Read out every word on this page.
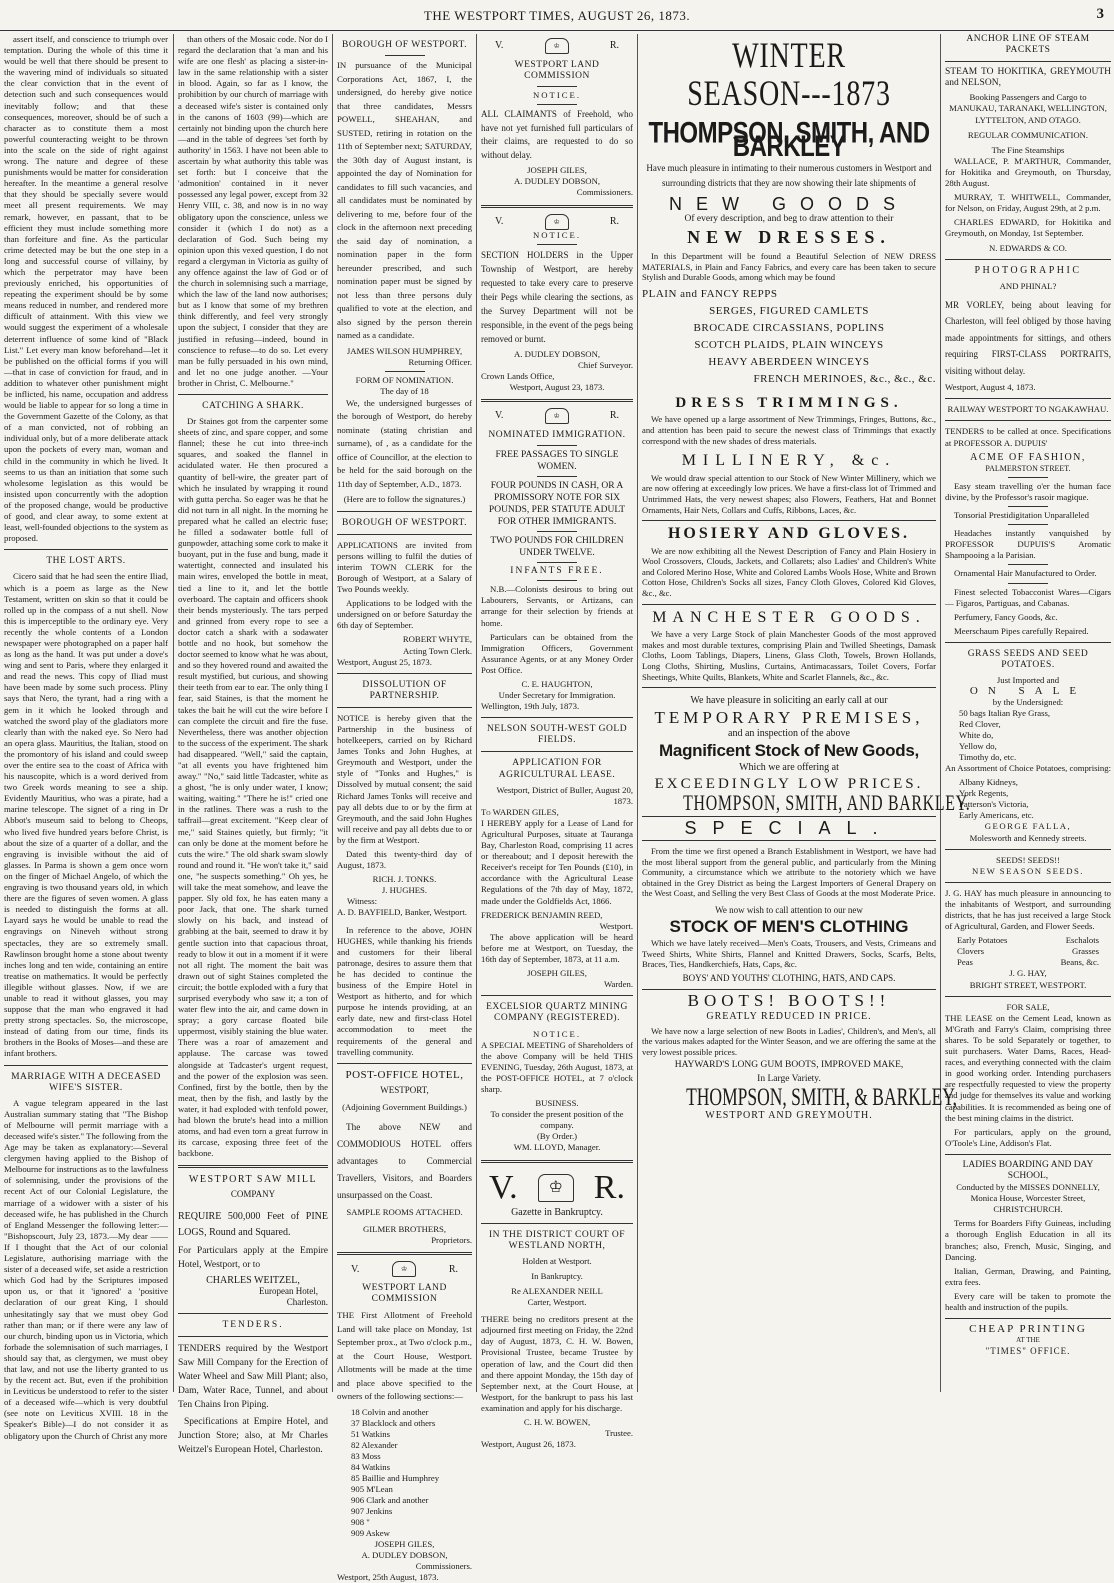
THE WESTPORT TIMES, AUGUST 26, 1873.	3

assert itself, and conscience to triumph over temptation. During the whole of this time it would be well that there should be present to the wavering mind of individuals so situated the clear conviction that in the event of detection such and such consequences would inevitably follow; and that these consequences, moreover, should be of such a character as to constitute them a most powerful counteracting weight to be thrown into the scale on the side of right against wrong. The nature and degree of these punishments would be matter for consideration hereafter. In the meantime a general resolve that they should be specially severe would meet all present requirements. We may remark, however, en passant, that to be efficient they must include something more than forfeiture and fine. As the particular crime detected may be but the one step in a long and successful course of villainy, by which the perpetrator may have been previously enriched, his opportunities of repeating the experiment should be by some means reduced in number, and rendered more difficult of attainment. With this view we would suggest the experiment of a wholesale deterrent influence of some kind of "Black List." Let every man know beforehand—let it be published on the official forms if you will—that in case of conviction for fraud, and in addition to whatever other punishment might be inflicted, his name, occupation and address would be liable to appear for so long a time in the Government Gazette of the Colony, as that of a man convicted, not of robbing an individual only, but of a more deliberate attack upon the pockets of every man, woman and child in the community in which he lived. It seems to us than an initiation that some such wholesome legislation as this would be insisted upon concurrently with the adoption of the proposed change, would be productive of good, and clear away, to some extent at least, well-founded objections to the system as proposed.

THE LOST ARTS.

Cicero said that he had seen the entire Iliad, which is a poem as large as the New Testament, written on skin so that it could be rolled up in the compass of a nut shell. Now this is imperceptible to the ordinary eye. Very recently the whole contents of a London newspaper were photographed on a paper half as long as the hand. It was put under a dove's wing and sent to Paris, where they enlarged it and read the news. This copy of Iliad must have been made by some such process. Pliny says that Nero, the tyrant, had a ring with a gem in it which he looked through and watched the sword play of the gladiators more clearly than with the naked eye. So Nero had an opera glass. Mauritius, the Italian, stood on the promontory of his island and could sweep over the entire sea to the coast of Africa with his nauscopite, which is a word derived from two Greek words meaning to see a ship. Evidently Mauritius, who was a pirate, had a marine telescope. The signet of a ring in Dr Abbot's museum said to belong to Cheops, who lived five hundred years before Christ, is about the size of a quarter of a dollar, and the engraving is invisible without the aid of glasses. In Parma is shown a gem once worn on the finger of Michael Angelo, of which the engraving is two thousand years old, in which there are the figures of seven women. A glass is needed to distinguish the forms at all. Layard says he would be unable to read the engravings on Nineveh without strong spectacles, they are so extremely small. Rawlinson brought home a stone about twenty inches long and ten wide, containing an entire treatise on mathematics. It would be perfectly illegible without glasses. Now, if we are unable to read it without glasses, you may suppose that the man who engraved it had pretty strong spectacles. So, the microscope, instead of dating from our time, finds its brothers in the Books of Moses—and these are infant brothers.

MARRIAGE WITH A DECEASED WIFE'S SISTER.

A vague telegram appeared in the last Australian summary stating that "The Bishop of Melbourne will permit marriage with a deceased wife's sister." The following from the Age may be taken as explanatory:—Several clergymen having applied to the Bishop of Melbourne for instructions as to the lawfulness of solemnising, under the provisions of the recent Act of our Colonial Legislature, the marriage of a widower with a sister of his deceased wife, he has published in the Church of England Messenger the following letter:— "Bishopscourt, July 23, 1873.—My dear ——If I thought that the Act of our colonial Legislature, authorising marriage with the sister of a deceased wife, set aside a restriction which God had by the Scriptures imposed upon us, or that it 'ignored' a 'positive declaration of our great King, I should unhesitatingly say that we must obey God rather than man; or if there were any law of our church, binding upon us in Victoria, which forbade the solemnisation of such marriages, I should say that, as clergymen, we must obey that law, and not use the liberty granted to us by the recent act. But, even if the prohibition in Leviticus be understood to refer to the sister of a deceased wife—which is very doubtful (see note on Leviticus XVIII. 18 in the Speaker's Bible)—I do not consider it as obligatory upon the Church of Christ any more

than others of the Mosaic code. Nor do I regard the declaration that 'a man and his wife are one flesh' as placing a sister-in-law in the same relationship with a sister in blood. Again, so far as I know, the prohibition by our church of marriage with a deceased wife's sister is contained only in the canons of 1603 (99)—which are certainly not binding upon the church here—and in the table of degrees 'set forth by authority' in 1563. I have not been able to ascertain by what authority this table was set forth: but I conceive that the 'admonition' contained in it never possessed any legal power, except from 32 Henry VIII, c. 38, and now is in no way obligatory upon the conscience, unless we consider it (which I do not) as a declaration of God. Such being my opinion upon this vexed question, I do not regard a clergyman in Victoria as guilty of any offence against the law of God or of the church in solemnising such a marriage, which the law of the land now authorises; but as I know that some of my brethren think differently, and feel very strongly upon the subject, I consider that they are justified in refusing—indeed, bound in conscience to refuse—to do so. Let every man be fully persuaded in his own mind, and let no one judge another. —Your brother in Christ, C. Melbourne."

CATCHING A SHARK.

Dr Staines got from the carpenter some sheets of zinc, and spare copper, and some flannel; these he cut into three-inch squares, and soaked the flannel in acidulated water. He then procured a quantity of bell-wire, the greater part of which he insulated by wrapping it round with gutta percha. So eager was he that he did not turn in all night. In the morning he prepared what he called an electric fuse; he filled a sodawater bottle full of gunpowder, attaching some cork to make it buoyant, put in the fuse and bung, made it watertight, connected and insulated his main wires, enveloped the bottle in meat, tied a line to it, and let the bottle overboard. The captain and officers shook their bends mysteriously. The tars perped and grinned from every rope to see a doctor catch a shark with a sodawater bottle and no hook, but somehow the doctor seemed to know what he was about, and so they hovered round and awaited the result mystified, but curious, and showing their teeth from ear to ear. The only thing I fear, said Staines, is that the moment he takes the bait he will cut the wire before I can complete the circuit and fire the fuse. Nevertheless, there was another objection to the success of the experiment. The shark had disappeared. "Well," said the captain, "at all events you have frightened him away." "No," said little Tadcaster, white as a ghost, "he is only under water, I know; waiting, waiting." "There he is!" cried one in the ratlines. There was a rush to the taffrail—great excitement. "Keep clear of me," said Staines quietly, but firmly; "it can only be done at the moment before he cuts the wire." The old shark swam slowly round and round it. "He won't take it," said one, "he suspects something." Oh yes, he will take the meat somehow, and leave the papper. Sly old fox, he has eaten many a poor Jack, that one. The shark turned slowly on his back, and instead of grabbing at the bait, seemed to draw it by gentle suction into that capacious throat, ready to blow it out in a moment if it were not all right. The moment the bait was drawn out of sight Staines completed the circuit; the bottle exploded with a fury that surprised everybody who saw it; a ton of water flew into the air, and came down in spray; a gory carcase floated bile uppermost, visibly staining the blue water. There was a roar of amazement and applause. The carcase was towed alongside at Tadcaster's urgent request, and the power of the explosion was seen. Confined, first by the bottle, then by the meat, then by the fish, and lastly by the water, it had exploded with tenfold power, had blown the brute's head into a million atoms, and had even torn a great furrow in its carcase, exposing three feet of the backbone.

WESTPORT SAW MILL
COMPANY

REQUIRE 500,000 Feet of PINE LOGS, Round and Squared.

For Particulars apply at the Empire Hotel, Westport, or to

CHARLES WEITZEL,
European Hotel,
Charleston.
TENDERS.

TENDERS required by the Westport Saw Mill Company for the Erection of Water Wheel and Saw Mill Plant; also, Dam, Water Race, Tunnel, and about Ten Chains Iron Piping.

Specifications at Empire Hotel, and Junction Store; also, at Mr Charles Weitzel's European Hotel, Charleston.

BOROUGH OF WESTPORT.

IN pursuance of the Municipal Corporations Act, 1867, I, the undersigned, do hereby give notice that three candidates, Messrs POWELL, SHEAHAN, and SUSTED, retiring in rotation on the 11th of September next; SATURDAY, the 30th day of August instant, is appointed the day of Nomination for candidates to fill such vacancies, and all candidates must be nominated by delivering to me, before four of the clock in the afternoon next preceding the said day of nomination, a nomination paper in the form hereunder prescribed, and such nomination paper must be signed by not less than three persons duly qualified to vote at the election, and also signed by the person therein named as a candidate.

JAMES WILSON HUMPHREY,
Returning Officer.
FORM OF NOMINATION.
The day of 18

We, the undersigned burgesses of the borough of Westport, do hereby nominate (stating christian and surname), of , as a candidate for the office of Councillor, at the election to be held for the said borough on the 11th day of September, A.D., 1873.

(Here are to follow the signatures.)
BOROUGH OF WESTPORT.

APPLICATIONS are invited from persons willing to fulfil the duties of interim TOWN CLERK for the Borough of Westport, at a Salary of Two Pounds weekly.

Applications to be lodged with the undersigned on or before Saturday the 6th day of September.

ROBERT WHYTE,
Acting Town Clerk.
Westport, August 25, 1873.
DISSOLUTION OF PARTNERSHIP.

NOTICE is hereby given that the Partnership in the business of hotelkeepers, carried on by Richard James Tonks and John Hughes, at Greymouth and Westport, under the style of "Tonks and Hughes," is Dissolved by mutual consent; the said Richard James Tonks will receive and pay all debts due to or by the firm at Greymouth, and the said John Hughes will receive and pay all debts due to or by the firm at Westport.

Dated this twenty-third day of August, 1873.

RICH. J. TONKS.
J. HUGHES.
Witness:
A. D. BAYFIELD, Banker, Westport.

In reference to the above, JOHN HUGHES, while thanking his friends and customers for their liberal patronage, desires to assure them that he has decided to continue the business of the Empire Hotel in Westport as hitherto, and for which purpose he intends providing, at an early date, new and first-class Hotel accommodation to meet the requirements of the general and travelling community.

POST-OFFICE HOTEL,
WESTPORT,
(Adjoining Government Buildings.)

The above NEW and COMMODIOUS HOTEL offers advantages to Commercial Travellers, Visitors, and Boarders unsurpassed on the Coast.

SAMPLE ROOMS ATTACHED.
GILMER BROTHERS,
Proprietors.
V.	♔	R.
WESTPORT LAND COMMISSION

THE First Allotment of Freehold Land will take place on Monday, 1st September prox., at Two o'clock p.m., at the Court House, Westport. Allotments will be made at the time and place above specified to the owners of the following sections:—

18 Colvin and another
37 Blacklock and others
51 Watkins
82 Alexander
83 Moss
84 Watkins
85 Baillie and Humphrey
905 M'Lean
906 Clark and another
907 Jenkins
908 "
909 Askew
JOSEPH GILES,
A. DUDLEY DOBSON,
Commissioners.
Westport, 25th August, 1873.
V.	♔	R.
WESTPORT LAND COMMISSION
NOTICE.

ALL CLAIMANTS of Freehold, who have not yet furnished full particulars of their claims, are requested to do so without delay.

JOSEPH GILES,
A. DUDLEY DOBSON,
Commissioners.
V.	♔	R.
NOTICE.

SECTION HOLDERS in the Upper Township of Westport, are hereby requested to take every care to preserve their Pegs while clearing the sections, as the Survey Department will not be responsible, in the event of the pegs being removed or burnt.

A. DUDLEY DOBSON,
Chief Surveyor.
Crown Lands Office,
Westport, August 23, 1873.
V.	♔	R.
NOMINATED IMMIGRATION.
FREE PASSAGES TO SINGLE WOMEN.
FOUR POUNDS IN CASH, OR A PROMISSORY NOTE FOR SIX POUNDS, PER STATUTE ADULT FOR OTHER IMMIGRANTS.
TWO POUNDS FOR CHILDREN UNDER TWELVE.
INFANTS FREE.

N.B.—Colonists desirous to bring out Labourers, Servants, or Artizans, can arrange for their selection by friends at home.

Particulars can be obtained from the Immigration Officers, Government Assurance Agents, or at any Money Order Post Office.

C. E. HAUGHTON,
Under Secretary for Immigration.
Wellington, 19th July, 1873.
NELSON SOUTH-WEST GOLD FIELDS.
APPLICATION FOR AGRICULTURAL LEASE.
Westport, District of Buller, August 20, 1873.
To WARDEN GILES,

I HEREBY apply for a Lease of Land for Agricultural Purposes, situate at Tauranga Bay, Charleston Road, comprising 11 acres or thereabout; and I deposit herewith the Receiver's receipt for Ten Pounds (£10), in accordance with the Agricultural Lease Regulations of the 7th day of May, 1872, made under the Goldfields Act, 1866.

FREDERICK BENJAMIN REED,
Westport.

The above application will be heard before me at Westport, on Tuesday, the 16th day of September, 1873, at 11 a.m.

JOSEPH GILES,
Warden.
EXCELSIOR QUARTZ MINING COMPANY (REGISTERED).
NOTICE.

A SPECIAL MEETING of Shareholders of the above Company will be held THIS EVENING, Tuesday, 26th August, 1873, at the POST-OFFICE HOTEL, at 7 o'clock sharp.

BUSINESS.
To consider the present position of the company.
(By Order.)
WM. LLOYD, Manager.
V.	♔ R.
Gazette in Bankruptcy.
IN THE DISTRICT COURT OF WESTLAND NORTH,
Holden at Westport.
In Bankruptcy.
Re ALEXANDER NEILL
Carter, Westport.

THERE being no creditors present at the adjourned first meeting on Friday, the 22nd day of August, 1873, C. H. W. Bowen, Provisional Trustee, became Trustee by operation of law, and the Court did then and there appoint Monday, the 15th day of September next, at the Court House, at Westport, for the bankrupt to pass his last examination and apply for his discharge.

C. H. W. BOWEN,
Trustee.
Westport, August 26, 1873.
WINTER SEASON---1873
THOMPSON, SMITH, AND BARKLEY

Have much pleasure in intimating to their numerous customers in Westport and surrounding districts that they are now showing their late shipments of

NEW GOODS
Of every description, and beg to draw attention to their
NEW DRESSES.

In this Department will be found a Beautiful Selection of NEW DRESS MATERIALS, in Plain and Fancy Fabrics, and every care has been taken to secure Stylish and Durable Goods, among which may be found

PLAIN and FANCY REPPS
SERGES, FIGURED CAMLETS
BROCADE CIRCASSIANS, POPLINS
SCOTCH PLAIDS, PLAIN WINCEYS
HEAVY ABERDEEN WINCEYS
FRENCH MERINOES, &c., &c., &c.
DRESS TRIMMINGS.

We have opened up a large assortment of New Trimmings, Fringes, Buttons, &c., and attention has been paid to secure the newest class of Trimmings that exactly correspond with the new shades of dress materials.

MILLINERY, &c.

We would draw special attention to our Stock of New Winter Millinery, which we are now offering at exceedingly low prices. We have a first-class lot of Trimmed and Untrimmed Hats, the very newest shapes; also Flowers, Feathers, Hat and Bonnet Ornaments, Hair Nets, Collars and Cuffs, Ribbons, Laces, &c.

HOSIERY AND GLOVES.

We are now exhibiting all the Newest Description of Fancy and Plain Hosiery in Wool Crossovers, Clouds, Jackets, and Collarets; also Ladies' and Children's White and Colored Merino Hose, White and Colored Lambs Wools Hose, White and Brown Cotton Hose, Children's Socks all sizes, Fancy Cloth Gloves, Colored Kid Gloves, &c., &c.

MANCHESTER GOODS.

We have a very Large Stock of plain Manchester Goods of the most approved makes and most durable textures, comprising Plain and Twilled Sheetings, Damask Cloths, Loom Tablings, Diapers, Linens, Glass Cloth, Towels, Brown Hollands, Long Cloths, Shirting, Muslins, Curtains, Antimacassars, Toilet Covers, Forfar Sheetings, White Quilts, Blankets, White and Scarlet Flannels, &c., &c.

We have pleasure in soliciting an early call at our
TEMPORARY PREMISES,
and an inspection of the above
Magnificent Stock of New Goods,
Which we are offering at
EXCEEDINGLY LOW PRICES.
THOMPSON, SMITH, AND BARKLEY.
SPECIAL.

From the time we first opened a Branch Establishment in Westport, we have had the most liberal support from the general public, and particularly from the Mining Community, a circumstance which we attribute to the notoriety which we have obtained in the Grey District as being the Largest Importers of General Drapery on the West Coast, and Selling the very Best Class of Goods at the most Moderate Price.

We now wish to call attention to our new
STOCK OF MEN'S CLOTHING

Which we have lately received—Men's Coats, Trousers, and Vests, Crimeans and Tweed Shirts, White Shirts, Flannel and Knitted Drawers, Socks, Scarfs, Belts, Braces, Ties, Handkerchiefs, Hats, Caps, &c.

BOYS' AND YOUTHS' CLOTHING, HATS, AND CAPS.
BOOTS! BOOTS!!
GREATLY REDUCED IN PRICE.

We have now a large selection of new Boots in Ladies', Children's, and Men's, all the various makes adapted for the Winter Season, and we are offering the same at the very lowest possible prices.

HAYWARD'S LONG GUM BOOTS, IMPROVED MAKE,
In Large Variety.
THOMPSON, SMITH, & BARKLEY,
WESTPORT AND GREYMOUTH.
ANCHOR LINE OF STEAM PACKETS

STEAM TO HOKITIKA, GREYMOUTH and NELSON,

Booking Passengers and Cargo to MANUKAU, TARANAKI, WELLINGTON, LYTTELTON, AND OTAGO.

REGULAR COMMUNICATION.
The Fine Steamships

WALLACE, P. M'ARTHUR, Commander, for Hokitika and Greymouth, on Thursday, 28th August.

MURRAY, T. WHITWELL, Commander, for Nelson, on Friday, August 29th, at 2 p.m.

CHARLES EDWARD, for Hokitika and Greymouth, on Monday, 1st September.

N. EDWARDS & CO.
PHOTOGRAPHIC
AND PHINAL?

MR VORLEY, being about leaving for Charleston, will feel obliged by those having made appointments for sittings, and others requiring FIRST-CLASS PORTRAITS, visiting without delay.

Westport, August 4, 1873.
RAILWAY WESTPORT TO NGAKAWHAU.

TENDERS to be called at once. Specifications at PROFESSOR A. DUPUIS'

ACME OF FASHION,
PALMERSTON STREET.

Easy steam travelling o'er the human face divine, by the Professor's rasoir magique.

Tonsorial Prestidigitation Unparalleled

Headaches instantly vanquished by PROFESSOR DUPUIS'S Aromatic Shampooing a la Parisian.

Ornamental Hair Manufactured to Order.

Finest selected Tobacconist Wares—Cigars — Figaros, Partiguas, and Cabanas.

Perfumery, Fancy Goods, &c.

Meerschaum Pipes carefully Repaired.

GRASS SEEDS AND SEED POTATOES.
Just Imported and
ON SALE
by the Undersigned:
50 bags Italian Rye Grass,
Red Clover,
White do,
Yellow do,
Timothy do, etc.

An Assortment of Choice Potatoes, comprising:

Albany Kidneys,
York Regents,
Patterson's Victoria,
Early Americans, etc.
GEORGE FALLA,
Molesworth and Kennedy streets.
SEEDS! SEEDS!!
NEW SEASON SEEDS.

J. G. HAY has much pleasure in announcing to the inhabitants of Westport, and surrounding districts, that he has just received a large Stock of Agricultural, Garden, and Flower Seeds.

Early Potatoes	Eschalots
Clovers	Grasses
Peas	Beans, &c.
J. G. HAY,
BRIGHT STREET, WESTPORT.
FOR SALE,

THE LEASE on the Cement Lead, known as M'Grath and Farry's Claim, comprising three shares. To be sold Separately or together, to suit purchasers. Water Dams, Races, Head-races, and everything connected with the claim in good working order. Intending purchasers are respectfully requested to view the property and judge for themselves its value and working capabilities. It is recommended as being one of the best mining claims in the district.

For particulars, apply on the ground, O'Toole's Line, Addison's Flat.

LADIES BOARDING AND DAY SCHOOL,

Conducted by the MISSES DONNELLY, Monica House, Worcester Street, CHRISTCHURCH.

Terms for Boarders Fifty Guineas, including a thorough English Education in all its branches; also, French, Music, Singing, and Dancing.

Italian, German, Drawing, and Painting, extra fees.

Every care will be taken to promote the health and instruction of the pupils.

CHEAP PRINTING
AT THE
"TIMES" OFFICE.
